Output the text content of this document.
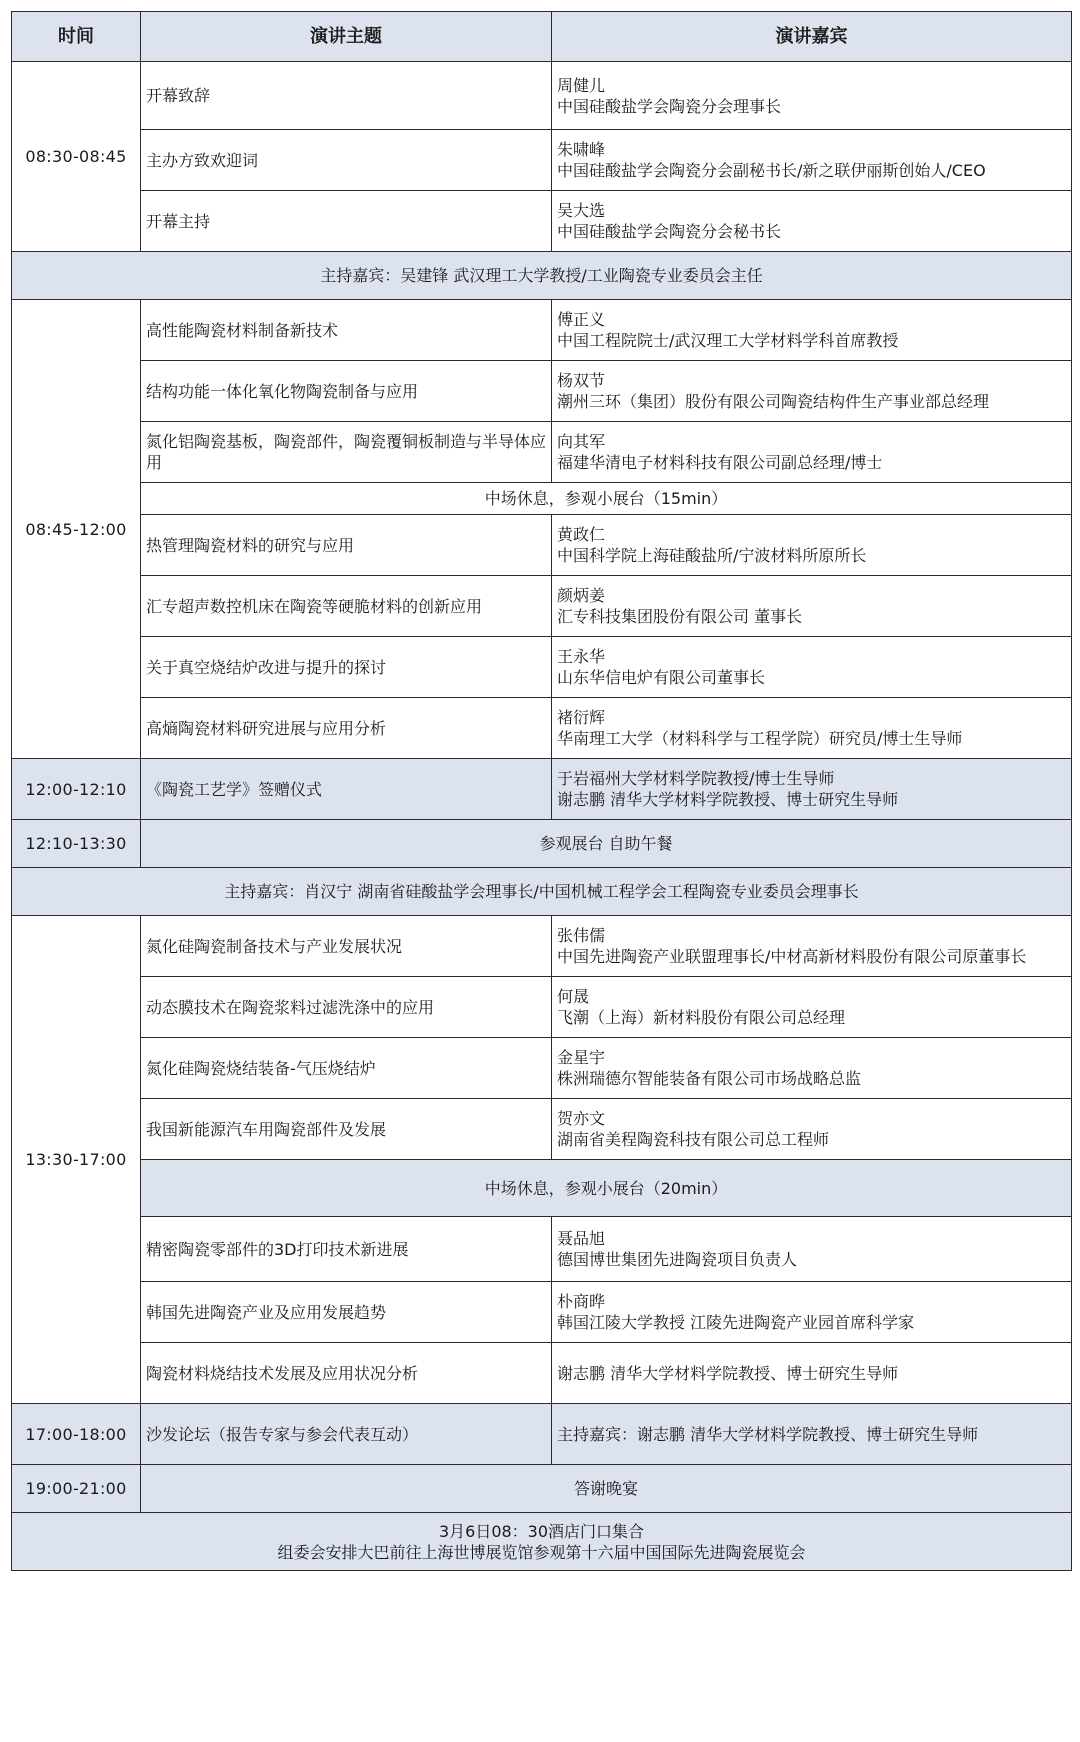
时间	演讲主题	演讲嘉宾
08:30-08:45	开幕致辞	周健儿
中国硅酸盐学会陶瓷分会理事长

	主办方致欢迎词	朱啸峰
中国硅酸盐学会陶瓷分会副秘书长/新之联伊丽斯创始人/CEO

	开幕主持	吴大选
中国硅酸盐学会陶瓷分会秘书长

主持嘉宾：吴建锋 武汉理工大学教授/工业陶瓷专业委员会主任		
08:45-12:00	高性能陶瓷材料制备新技术	傅正义
中国工程院院士/武汉理工大学材料学科首席教授

	结构功能一体化氧化物陶瓷制备与应用	杨双节
潮州三环（集团）股份有限公司陶瓷结构件生产事业部总经理

	氮化铝陶瓷基板，陶瓷部件，陶瓷覆铜板制造与半导体应用	向其军
福建华清电子材料科技有限公司副总经理/博士

	中场休息，参观小展台（15min）	
	热管理陶瓷材料的研究与应用	黄政仁
中国科学院上海硅酸盐所/宁波材料所原所长

	汇专超声数控机床在陶瓷等硬脆材料的创新应用	颜炳姜
汇专科技集团股份有限公司 董事长

	关于真空烧结炉改进与提升的探讨	王永华
山东华信电炉有限公司董事长

	高熵陶瓷材料研究进展与应用分析	褚衍辉
华南理工大学（材料科学与工程学院）研究员/博士生导师

12:00-12:10	《陶瓷工艺学》签赠仪式	于岩福州大学材料学院教授/博士生导师
谢志鹏 清华大学材料学院教授、博士研究生导师

12:10-13:30	参观展台 自助午餐	
主持嘉宾：肖汉宁 湖南省硅酸盐学会理事长/中国机械工程学会工程陶瓷专业委员会理事长		
13:30-17:00	氮化硅陶瓷制备技术与产业发展状况	张伟儒
中国先进陶瓷产业联盟理事长/中材高新材料股份有限公司原董事长

	动态膜技术在陶瓷浆料过滤洗涤中的应用	何晟
飞潮（上海）新材料股份有限公司总经理

	氮化硅陶瓷烧结装备-气压烧结炉	金星宇
株洲瑞德尔智能装备有限公司市场战略总监

	我国新能源汽车用陶瓷部件及发展	贺亦文
湖南省美程陶瓷科技有限公司总工程师

	中场休息，参观小展台（20min）	
	精密陶瓷零部件的3D打印技术新进展	聂品旭
德国博世集团先进陶瓷项目负责人

	韩国先进陶瓷产业及应用发展趋势	朴商晔
韩国江陵大学教授 江陵先进陶瓷产业园首席科学家

	陶瓷材料烧结技术发展及应用状况分析	谢志鹏 清华大学材料学院教授、博士研究生导师
17:00-18:00	沙发论坛（报告专家与参会代表互动）	主持嘉宾：谢志鹏 清华大学材料学院教授、博士研究生导师
19:00-21:00	答谢晚宴	

3月6日08：30酒店门口集合
组委会安排大巴前往上海世博展览馆参观第十六届中国国际先进陶瓷展览会		
